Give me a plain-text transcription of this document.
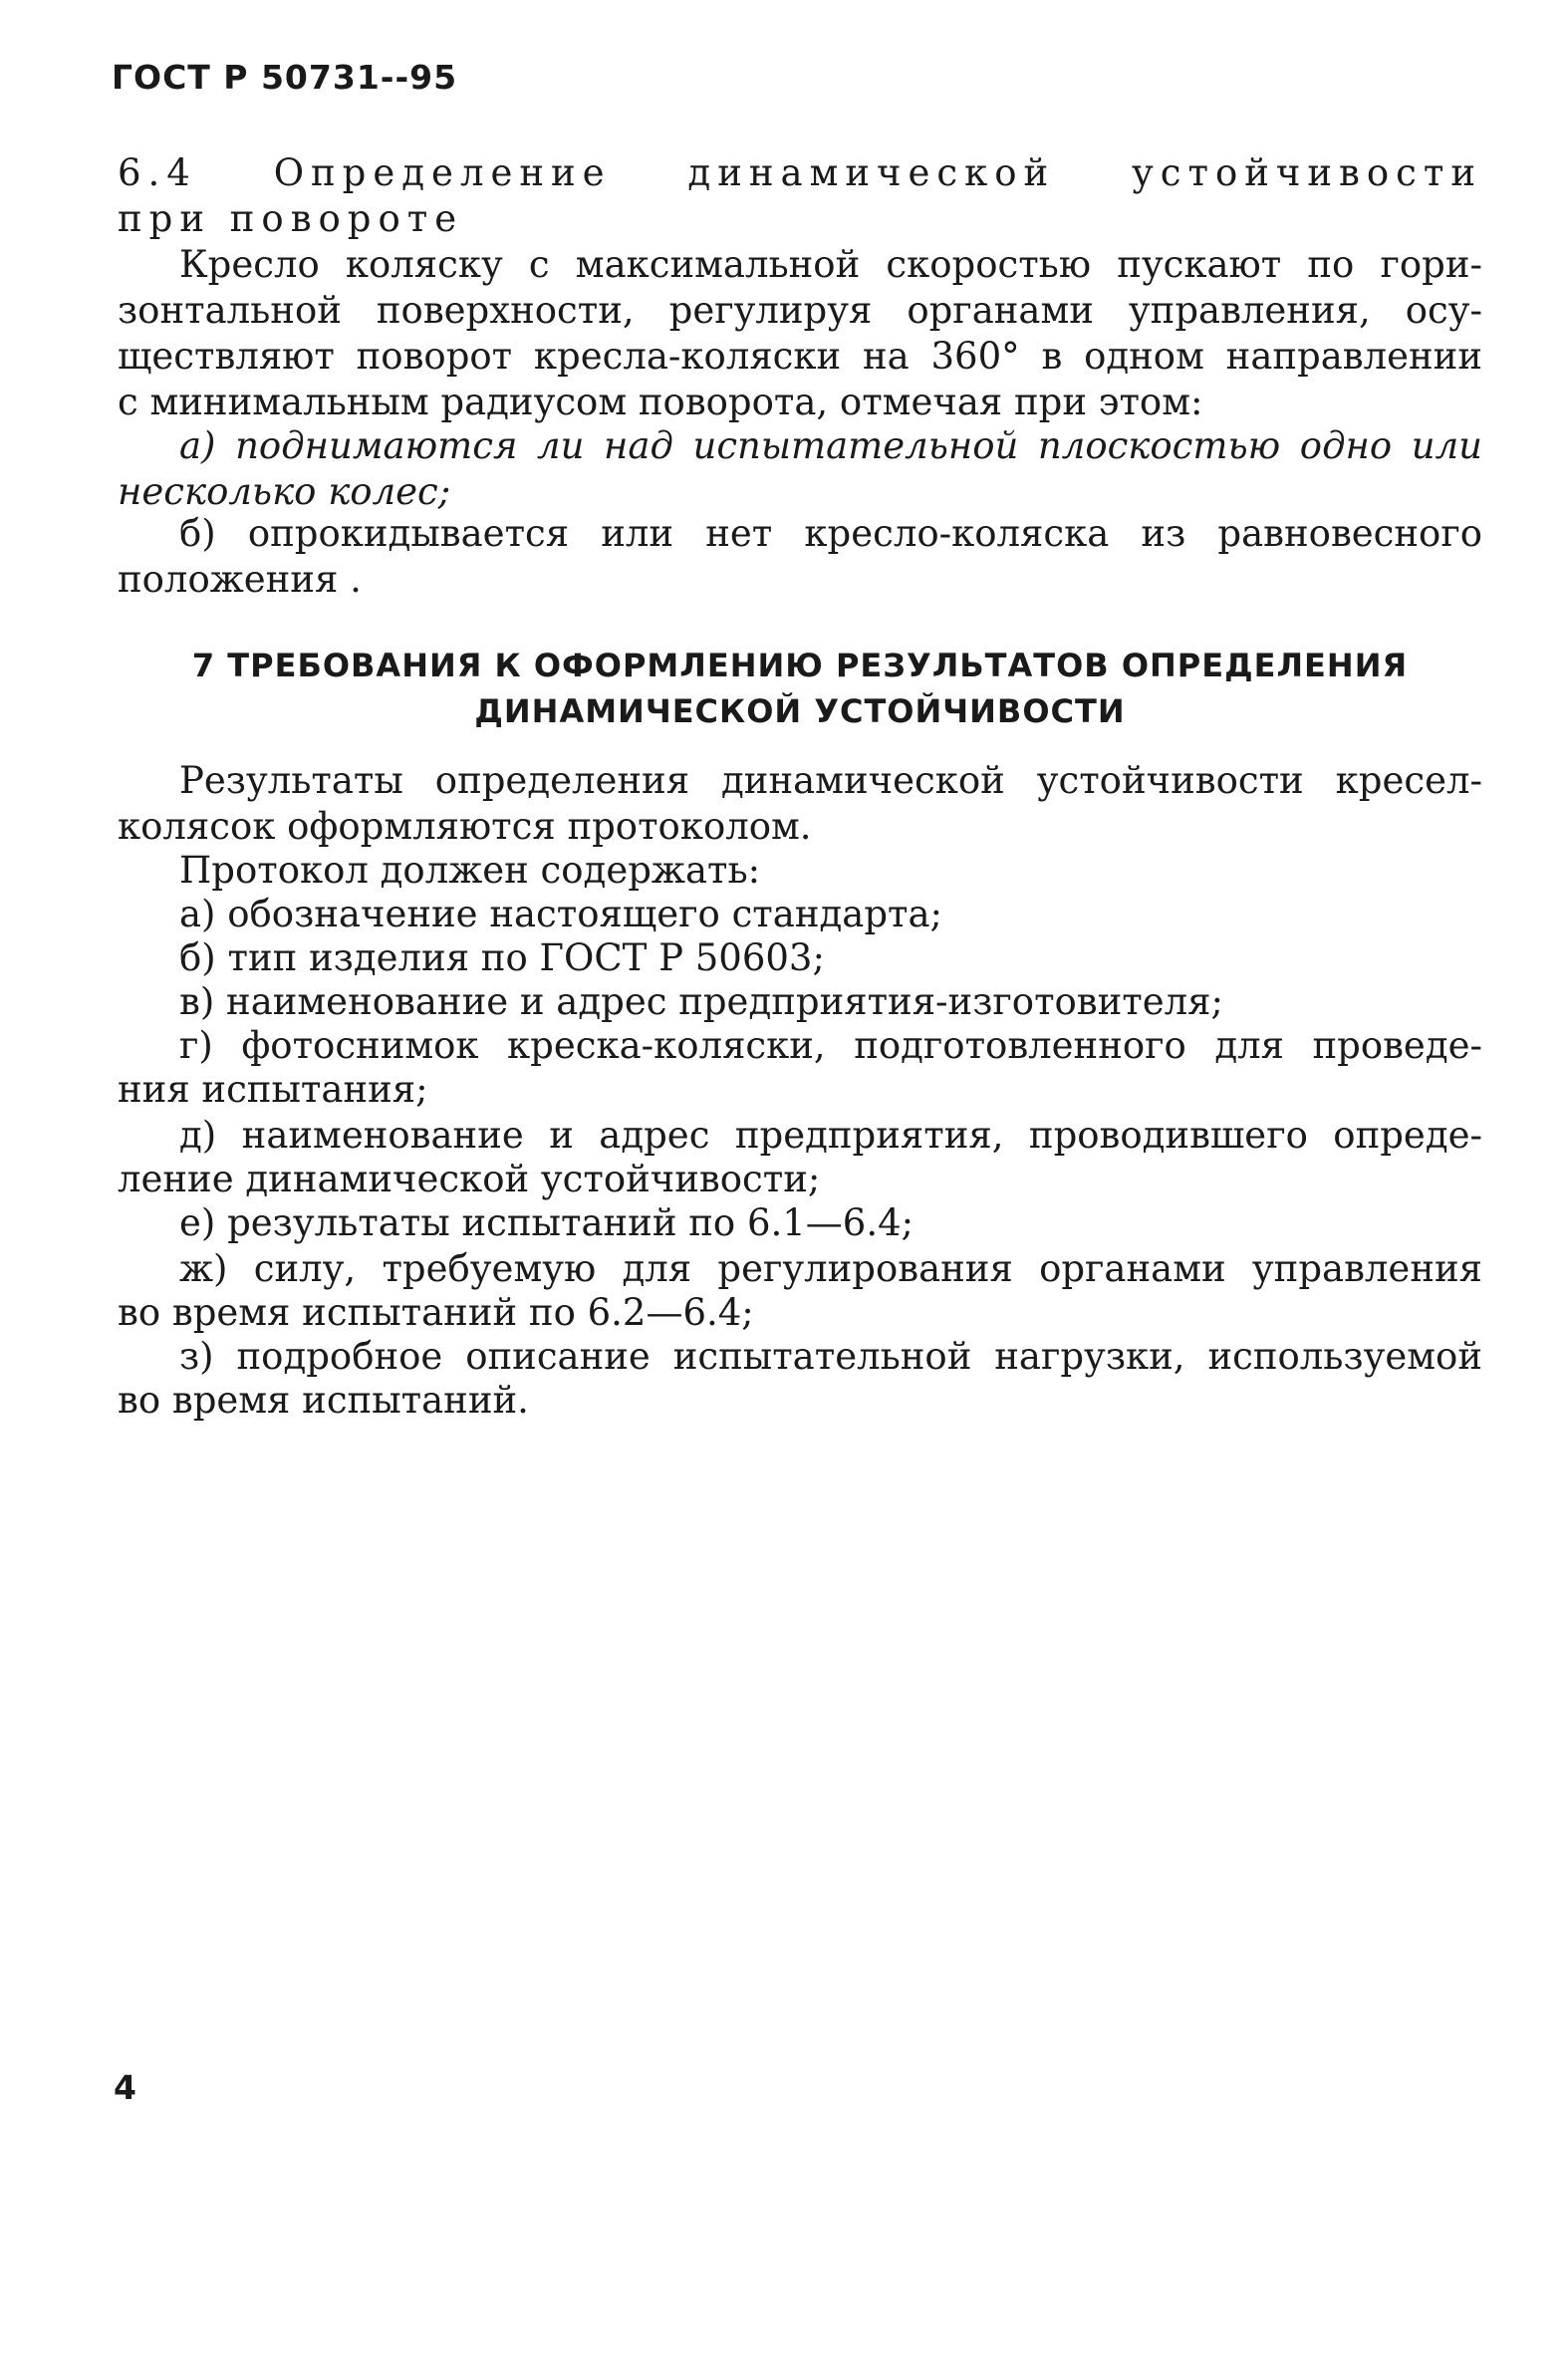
ГОСТ Р 50731--95
6.4 Определение динамической устойчивости
при повороте
Кресло коляску с максимальной скоростью пускают по гори-
зонтальной поверхности, регулируя органами управления, осу-
ществляют поворот кресла-коляски на 360° в одном направлении
с минимальным радиусом поворота, отмечая при этом:
а) поднимаются ли над испытательной плоскостью одно или
несколько колес;
б) опрокидывается или нет кресло-коляска из равновесного
положения .
7 ТРЕБОВАНИЯ К ОФОРМЛЕНИЮ РЕЗУЛЬТАТОВ ОПРЕДЕЛЕНИЯ
ДИНАМИЧЕСКОЙ УСТОЙЧИВОСТИ
Результаты определения динамической устойчивости кресел-
колясок оформляются протоколом.
Протокол должен содержать:
а) обозначение настоящего стандарта;
б) тип изделия по ГОСТ Р 50603;
в) наименование и адрес предприятия-изготовителя;
г) фотоснимок креска-коляски, подготовленного для проведе-
ния испытания;
д) наименование и адрес предприятия, проводившего опреде-
ление динамической устойчивости;
е) результаты испытаний по 6.1—6.4;
ж) силу, требуемую для регулирования органами управления
во время испытаний по 6.2—6.4;
з) подробное описание испытательной нагрузки, используемой
во время испытаний.
4
